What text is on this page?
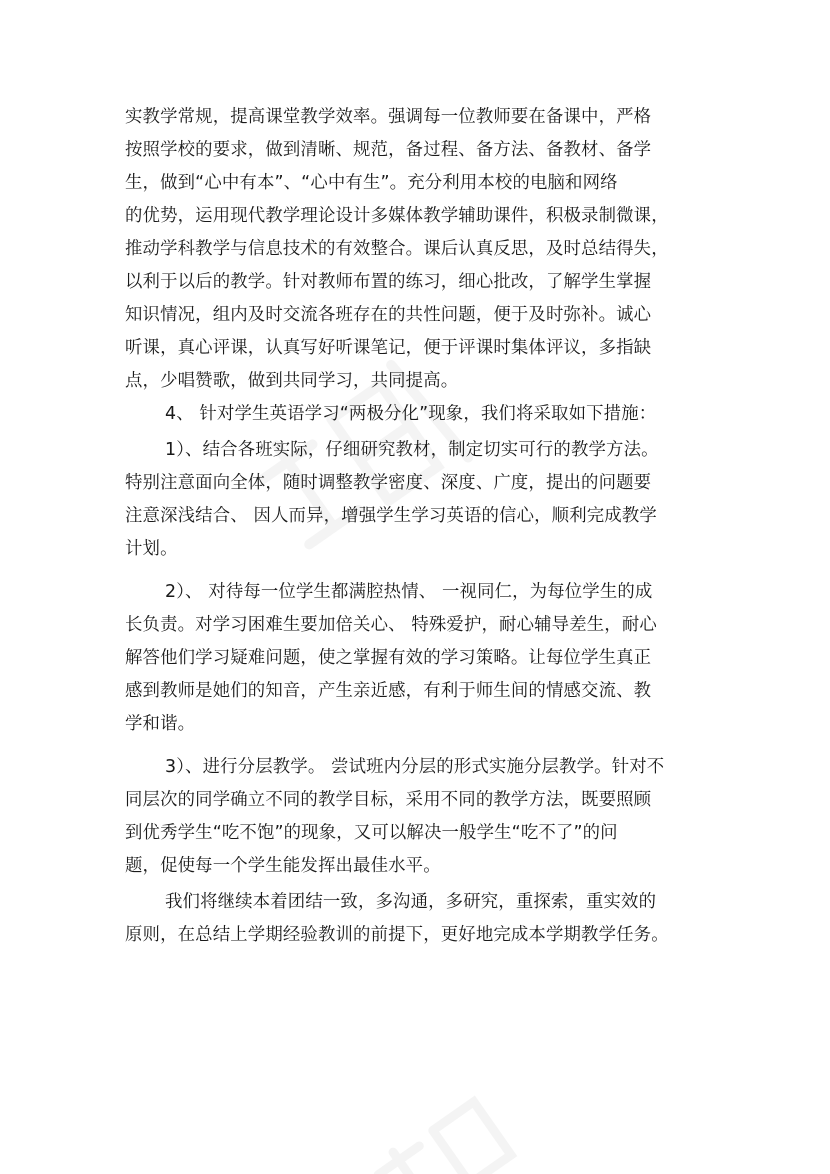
实教学常规，提高课堂教学效率。强调每一位教师要在备课中，严格
按照学校的要求，做到清晰、规范，备过程、备方法、备教材、备学
生，做到“心中有本”、“心中有生”。充分利用本校的电脑和网络
的优势，运用现代教学理论设计多媒体教学辅助课件，积极录制微课，
推动学科教学与信息技术的有效整合。课后认真反思，及时总结得失，
以利于以后的教学。针对教师布置的练习，细心批改，了解学生掌握
知识情况，组内及时交流各班存在的共性问题，便于及时弥补。诚心
听课，真心评课，认真写好听课笔记，便于评课时集体评议，多指缺
点，少唱赞歌，做到共同学习，共同提高。
4、 针对学生英语学习“两极分化”现象，我们将采取如下措施：
1）、结合各班实际，仔细研究教材，制定切实可行的教学方法。
特别注意面向全体，随时调整教学密度、深度、广度，提出的问题要
注意深浅结合、 因人而异，增强学生学习英语的信心，顺利完成教学
计划。
2）、 对待每一位学生都满腔热情、 一视同仁，为每位学生的成
长负责。对学习困难生要加倍关心、 特殊爱护，耐心辅导差生，耐心
解答他们学习疑难问题，使之掌握有效的学习策略。让每位学生真正
感到教师是她们的知音，产生亲近感，有利于师生间的情感交流、教
学和谐。
3）、进行分层教学。 尝试班内分层的形式实施分层教学。针对不
同层次的同学确立不同的教学目标，采用不同的教学方法，既要照顾
到优秀学生“吃不饱”的现象，又可以解决一般学生“吃不了”的问
题，促使每一个学生能发挥出最佳水平。
我们将继续本着团结一致，多沟通，多研究，重探索，重实效的
原则，在总结上学期经验教训的前提下，更好地完成本学期教学任务。
